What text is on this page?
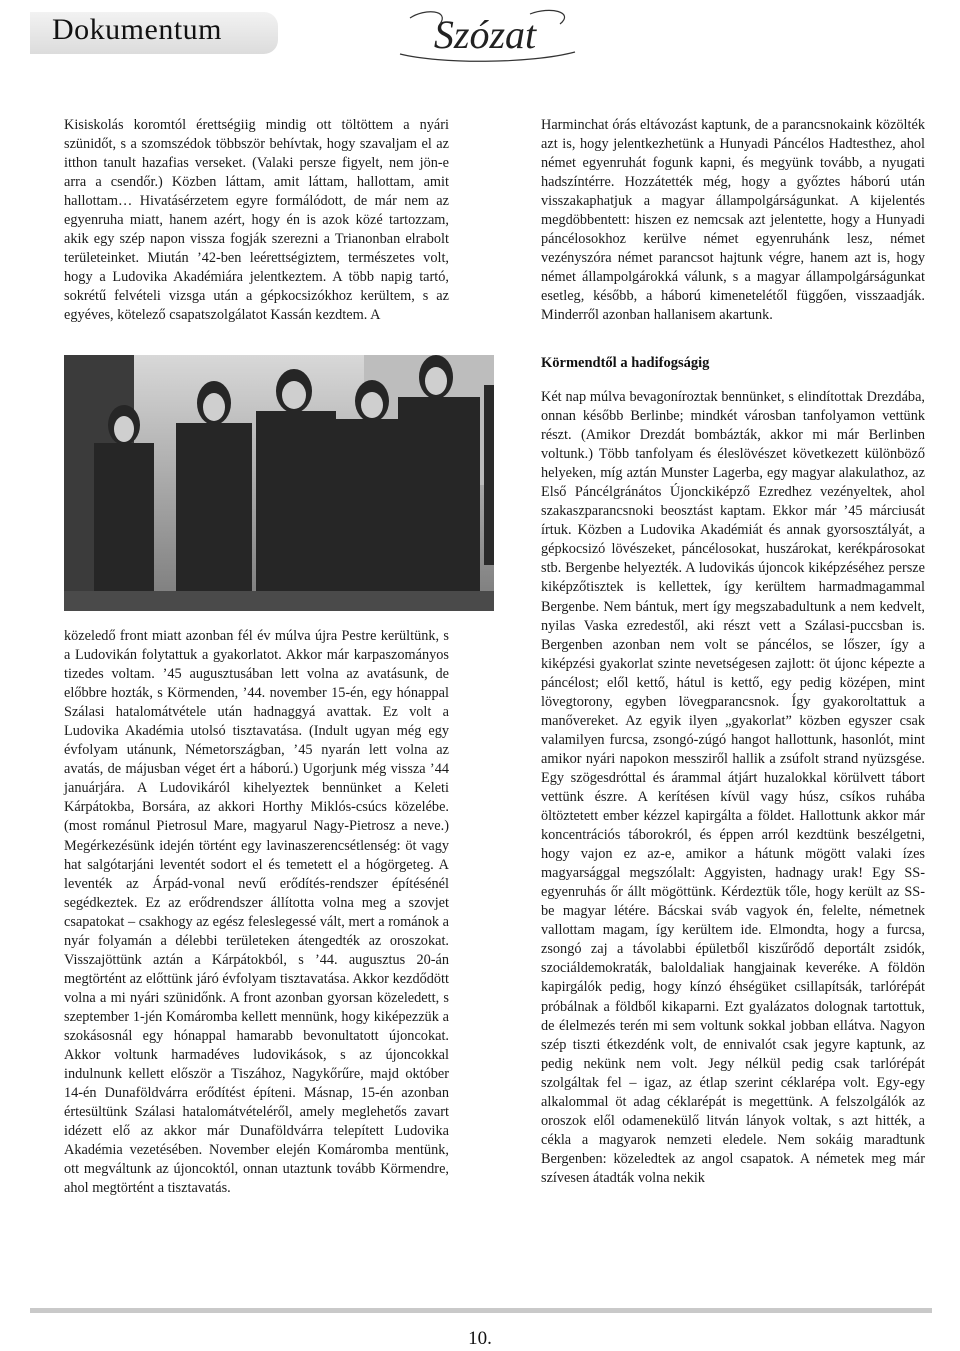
Dokumentum	Szózat

Kisiskolás koromtól érettségiig mindig ott töltöttem a nyári szünidőt, s a szomszédok többször behívtak, hogy szavaljam el az itthon tanult hazafias verseket. (Valaki persze figyelt, nem jön-e arra a csendőr.) Közben láttam, amit láttam, hallottam, amit hallottam… Hivatásérzetem egyre formálódott, de már nem az egyenruha miatt, hanem azért, hogy én is azok közé tartozzam, akik egy szép napon vissza fogják szerezni a Trianonban elrabolt területeinket. Miután ’42-ben leérettségiztem, természetes volt, hogy a Ludovika Akadémiára jelentkeztem. A több napig tartó, sokrétű felvételi vizsga után a gépkocsizókhoz kerültem, s az egyéves, kötelező csapatszolgálatot Kassán kezdtem. A

közeledő front miatt azonban fél év múlva újra Pestre kerültünk, s a Ludovikán folytattuk a gyakorlatot. Akkor már karpaszományos tizedes voltam. ’45 augusztusában lett volna az avatásunk, de előbbre hozták, s Körmenden, ’44. november 15-én, egy hónappal Szálasi hatalomátvétele után hadnaggyá avattak. Ez volt a Ludovika Akadémia utolsó tisztavatása. (Indult ugyan még egy évfolyam utánunk, Németországban, ’45 nyarán lett volna az avatás, de májusban véget ért a háború.) Ugorjunk még vissza ’44 januárjára. A Ludovikáról kihelyeztek bennünket a Keleti Kárpátokba, Borsára, az akkori Horthy Miklós-csúcs közelébe. (most románul Pietrosul Mare, magyarul Nagy-Pietrosz a neve.) Megérkezésünk idején történt egy lavinaszerencsétlenség: öt vagy hat salgótarjáni leventét sodort el és temetett el a hógörgeteg. A leventék az Árpád-vonal nevű erődítés-rendszer építésénél segédkeztek. Ez az erődrendszer állította volna meg a szovjet csapatokat – csakhogy az egész feleslegessé vált, mert a románok a nyár folyamán a délebbi területeken átengedték az oroszokat. Visszajöttünk aztán a Kárpátokból, s ’44. augusztus 20-án megtörtént az előttünk járó évfolyam tisztavatása. Akkor kezdődött volna a mi nyári szünidőnk. A front azonban gyorsan közeledett, s szeptember 1-jén Komáromba kellett mennünk, hogy kiképezzük a szokásosnál egy hónappal hamarabb bevonultatott újoncokat. Akkor voltunk harmadéves ludovikások, s az újoncokkal indulnunk kellett először a Tiszához, Nagykőrűre, majd október 14-én Dunaföldvárra erődítést építeni. Másnap, 15-én azonban értesültünk Szálasi hatalomátvételéről, amely meglehetős zavart idézett elő az akkor már Dunaföldvárra telepített Ludovika Akadémia vezetésében. November elején Komáromba mentünk, ott megváltunk az újoncoktól, onnan utaztunk tovább Körmendre, ahol megtörtént a tisztavatás.

Harminchat órás eltávozást kaptunk, de a parancsnokaink közölték azt is, hogy jelentkezhetünk a Hunyadi Páncélos Hadtesthez, ahol német egyenruhát fogunk kapni, és megyünk tovább, a nyugati hadszíntérre. Hozzátették még, hogy a győztes háború után visszakaphatjuk a magyar állampolgárságunkat. A kijelentés megdöbbentett: hiszen ez nemcsak azt jelentette, hogy a Hunyadi páncélosokhoz kerülve német egyenruhánk lesz, német vezényszóra német parancsot hajtunk végre, hanem azt is, hogy német állampolgárokká válunk, s a magyar állampolgárságunkat esetleg, később, a háború kimenetelétől függően, visszaadják. Minderről azonban hallanisem akartunk.

Körmendtől a hadifogságig

Két nap múlva bevagoníroztak bennünket, s elindítottak Drezdába, onnan később Berlinbe; mindkét városban tanfolyamon vettünk részt. (Amikor Drezdát bombázták, akkor mi már Berlinben voltunk.) Több tanfolyam és éleslövészet következett különböző helyeken, míg aztán Munster Lagerba, egy magyar alakulathoz, az Első Páncélgránátos Újonckiképző Ezredhez vezényeltek, ahol szakaszparancsnoki beosztást kaptam. Ekkor már ’45 márciusát írtuk. Közben a Ludovika Akadémiát és annak gyorsosztályát, a gépkocsizó lövészeket, páncélosokat, huszárokat, kerékpárosokat stb. Bergenbe helyezték. A ludovikás újoncok kiképzéséhez persze kiképzőtisztek is kellettek, így kerültem harmadmagammal Bergenbe. Nem bántuk, mert így megszabadultunk a nem kedvelt, nyilas Vaska ezredestől, aki részt vett a Szálasi-puccsban is. Bergenben azonban nem volt se páncélos, se lőszer, így a kiképzési gyakorlat szinte nevetségesen zajlott: öt újonc képezte a páncélost; elől kettő, hátul is kettő, egy pedig középen, mint lövegtorony, egyben lövegparancsnok. Így gyakoroltattuk a manővereket. Az egyik ilyen „gyakorlat” közben egyszer csak valamilyen furcsa, zsongó-zúgó hangot hallottunk, hasonlót, mint amikor nyári napokon messziről hallik a zsúfolt strand nyüzsgése. Egy szögesdróttal és árammal átjárt huzalokkal körülvett tábort vettünk észre. A kerítésen kívül vagy húsz, csíkos ruhába öltöztetett ember kézzel kapirgálta a földet. Hallottunk akkor már koncentrációs táborokról, és éppen arról kezdtünk beszélgetni, hogy vajon ez az-e, amikor a hátunk mögött valaki ízes magyarsággal megszólalt: Aggyisten, hadnagy urak! Egy SS-egyenruhás őr állt mögöttünk. Kérdeztük tőle, hogy került az SS-be magyar létére. Bácskai sváb vagyok én, felelte, németnek vallottam magam, így kerültem ide. Elmondta, hogy a furcsa, zsongó zaj a távolabbi épületből kiszűrődő deportált zsidók, szociáldemokraták, baloldaliak hangjainak keveréke. A földön kapirgálók pedig, hogy kínzó éhségüket csillapítsák, tarlórépát próbálnak a földből kikaparni. Ezt gyalázatos dolognak tartottuk, de élelmezés terén mi sem voltunk sokkal jobban ellátva. Nagyon szép tiszti étkezdénk volt, de ennivalót csak jegyre kaptunk, az pedig nekünk nem volt. Jegy nélkül pedig csak tarlórépát szolgáltak fel – igaz, az étlap szerint céklarépa volt. Egy-egy alkalommal öt adag céklarépát is megettünk. A felszolgálók az oroszok elől odamenekülő litván lányok voltak, s azt hitték, a cékla a magyarok nemzeti eledele. Nem sokáig maradtunk Bergenben: közeledtek az angol csapatok. A németek meg már szívesen átadták volna nekik

10.
